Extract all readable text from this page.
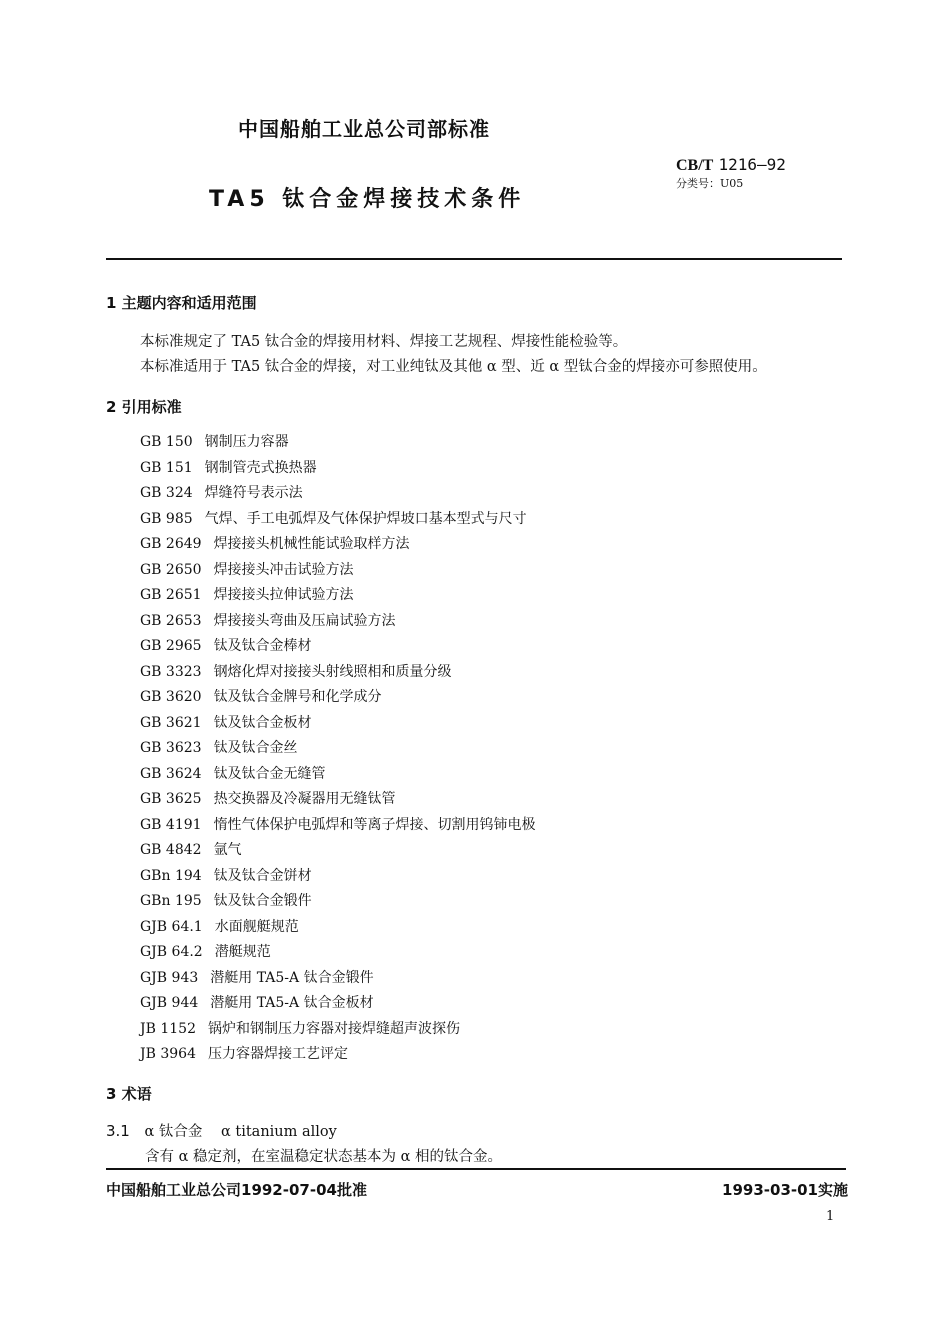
中国船舶工业总公司部标准
CB/T 1216—92
分类号：U05
TA5 钛合金焊接技术条件
1 主题内容和适用范围
本标准规定了 TA5 钛合金的焊接用材料、焊接工艺规程、焊接性能检验等。
本标准适用于 TA5 钛合金的焊接，对工业纯钛及其他 α 型、近 α 型钛合金的焊接亦可参照使用。
2 引用标准
GB 150 钢制压力容器
GB 151 钢制管壳式换热器
GB 324 焊缝符号表示法
GB 985 气焊、手工电弧焊及气体保护焊坡口基本型式与尺寸
GB 2649 焊接接头机械性能试验取样方法
GB 2650 焊接接头冲击试验方法
GB 2651 焊接接头拉伸试验方法
GB 2653 焊接接头弯曲及压扁试验方法
GB 2965 钛及钛合金棒材
GB 3323 钢熔化焊对接接头射线照相和质量分级
GB 3620 钛及钛合金牌号和化学成分
GB 3621 钛及钛合金板材
GB 3623 钛及钛合金丝
GB 3624 钛及钛合金无缝管
GB 3625 热交换器及冷凝器用无缝钛管
GB 4191 惰性气体保护电弧焊和等离子焊接、切割用钨铈电极
GB 4842 氩气
GBn 194 钛及钛合金饼材
GBn 195 钛及钛合金锻件
GJB 64.1 水面舰艇规范
GJB 64.2 潜艇规范
GJB 943 潜艇用 TA5-A 钛合金锻件
GJB 944 潜艇用 TA5-A 钛合金板材
JB 1152 锅炉和钢制压力容器对接焊缝超声波探伤
JB 3964 压力容器焊接工艺评定
3 术语
3.1 α 钛合金 α titanium alloy
含有 α 稳定剂，在室温稳定状态基本为 α 相的钛合金。
中国船舶工业总公司1992-07-04批准	1993-03-01实施
1
